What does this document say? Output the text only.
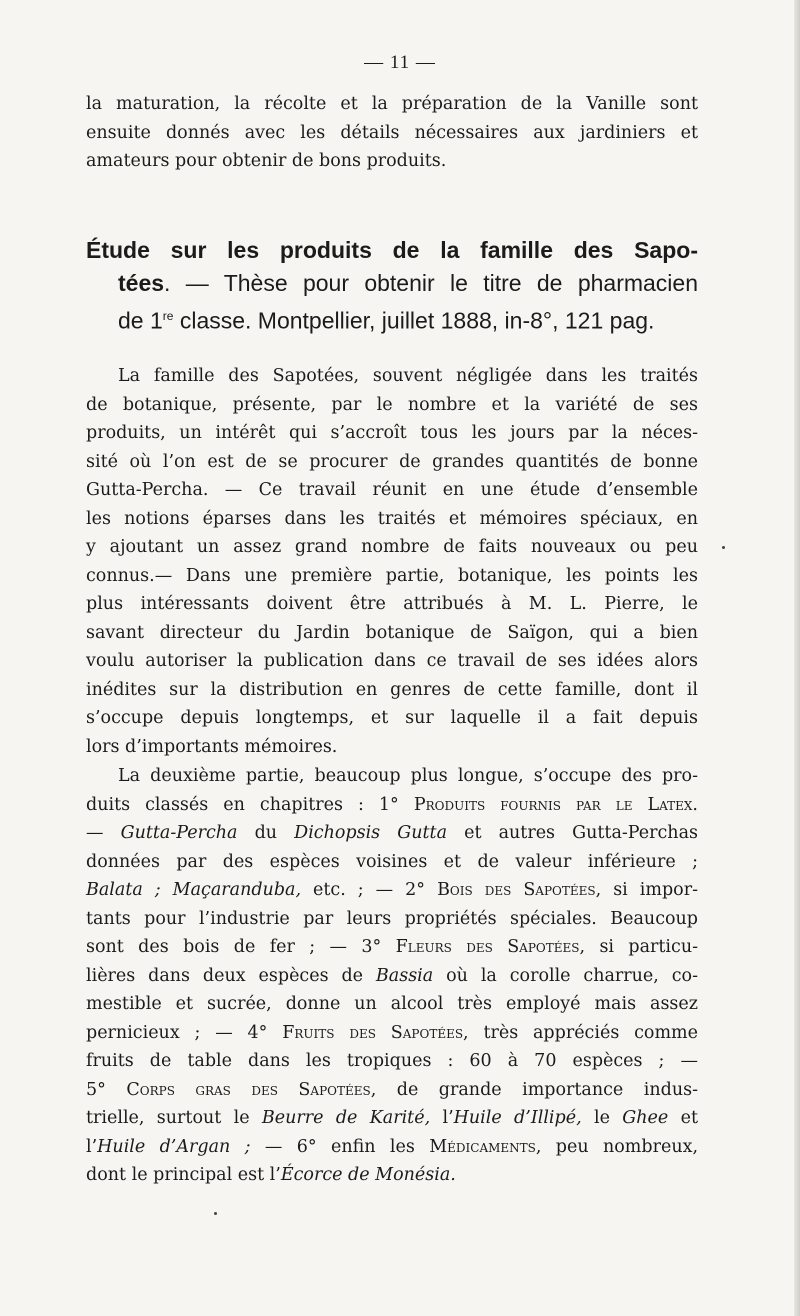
— 11 —
la maturation, la récolte et la préparation de la Vanille sont
ensuite donnés avec les détails nécessaires aux jardiniers et
amateurs pour obtenir de bons produits.
Étude sur les produits de la famille des Sapo-
tées. — Thèse pour obtenir le titre de pharmacien
de 1re classe. Montpellier, juillet 1888, in-8°, 121 pag.
La famille des Sapotées, souvent négligée dans les traités
de botanique, présente, par le nombre et la variété de ses
produits, un intérêt qui s’accroît tous les jours par la néces-
sité où l’on est de se procurer de grandes quantités de bonne
Gutta-Percha. — Ce travail réunit en une étude d’ensemble
les notions éparses dans les traités et mémoires spéciaux, en
y ajoutant un assez grand nombre de faits nouveaux ou peu
connus.— Dans une première partie, botanique, les points les
plus intéressants doivent être attribués à M. L. Pierre, le
savant directeur du Jardin botanique de Saïgon, qui a bien
voulu autoriser la publication dans ce travail de ses idées alors
inédites sur la distribution en genres de cette famille, dont il
s’occupe depuis longtemps, et sur laquelle il a fait depuis
lors d’importants mémoires.
La deuxième partie, beaucoup plus longue, s’occupe des pro-
duits classés en chapitres : 1° Produits fournis par le Latex.
— Gutta-Percha du Dichopsis Gutta et autres Gutta-Perchas
données par des espèces voisines et de valeur inférieure ;
Balata ; Maçaranduba, etc. ; — 2° Bois des Sapotées, si impor-
tants pour l’industrie par leurs propriétés spéciales. Beaucoup
sont des bois de fer ; — 3° Fleurs des Sapotées, si particu-
lières dans deux espèces de Bassia où la corolle charrue, co-
mestible et sucrée, donne un alcool très employé mais assez
pernicieux ; — 4° Fruits des Sapotées, très appréciés comme
fruits de table dans les tropiques : 60 à 70 espèces ; —
5° Corps gras des Sapotées, de grande importance indus-
trielle, surtout le Beurre de Karité, l’Huile d’Illipé, le Ghee et
l’Huile d’Argan ; — 6° enfin les Médicaments, peu nombreux,
dont le principal est l’Écorce de Monésia.
